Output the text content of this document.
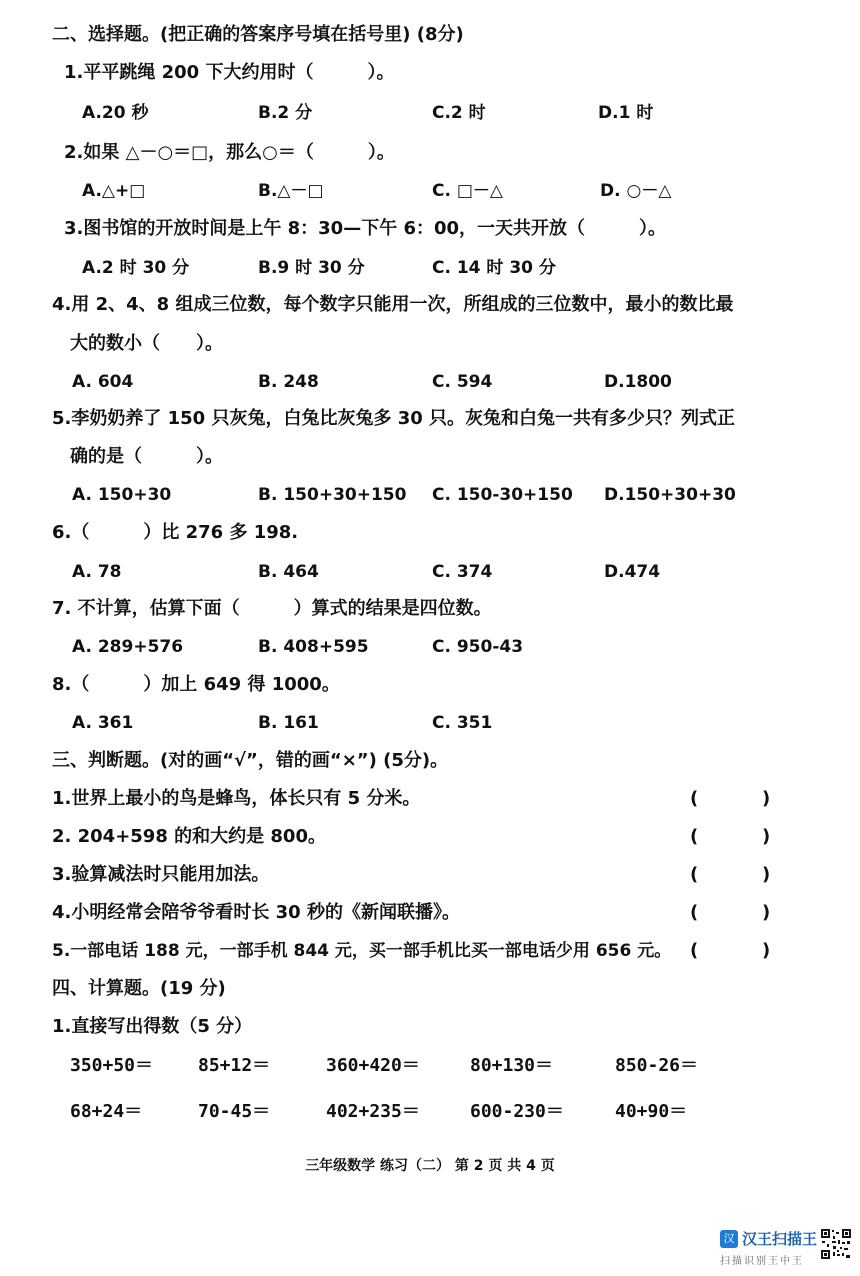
二、选择题。(把正确的答案序号填在括号里) (8分)
1.平平跳绳 200 下大约用时（　　　）。
A.20 秒	B.2 分	C.2 时	D.1 时
2.如果 △－○＝□，那么○＝（　　　）。
A.△+□	B.△－□	C. □－△	D. ○－△
3.图书馆的开放时间是上午 8：30—下午 6：00，一天共开放（　　　）。
A.2 时 30 分	B.9 时 30 分	C. 14 时 30 分
4.用 2、4、8 组成三位数，每个数字只能用一次，所组成的三位数中，最小的数比最
大的数小（　　）。
A. 604	B. 248	C. 594	D.1800
5.李奶奶养了 150 只灰兔，白兔比灰兔多 30 只。灰兔和白兔一共有多少只？列式正
确的是（　　　）。
A. 150+30	B. 150+30+150 C. 150-30+150 D.150+30+30
6.（　　　）比 276 多 198.
A. 78	B. 464	C. 374	D.474
7. 不计算，估算下面（　　　）算式的结果是四位数。
A. 289+576	B. 408+595	C. 950-43
8.（　　　）加上 649 得 1000。
A. 361	B. 161	C. 351
三、判断题。(对的画“√”，错的画“×”) (5分)。
1.世界上最小的鸟是蜂鸟，体长只有 5 分米。	(	)
2. 204+598 的和大约是 800。	(	)
3.验算减法时只能用加法。	(	)
4.小明经常会陪爷爷看时长 30 秒的《新闻联播》。	(	)
5.一部电话 188 元，一部手机 844 元，买一部手机比买一部电话少用 656 元。 (	)
四、计算题。(19 分)
1.直接写出得数（5 分）
350+50＝ 85+12＝	360+420＝	80+130＝	850-26＝
68+24＝	70-45＝	402+235＝	600-230＝	40+90＝
三年级数学 练习（二） 第 2 页 共 4 页
汉 汉王扫描王
扫描识别王中王
